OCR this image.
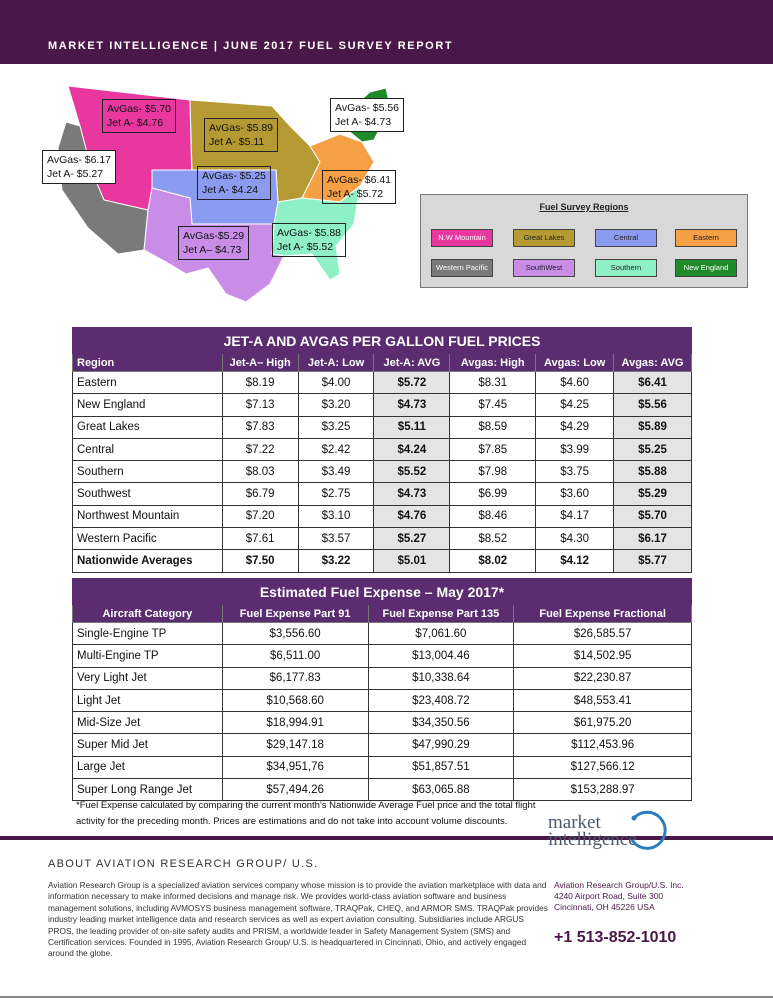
MARKET INTELLIGENCE | JUNE 2017 FUEL SURVEY REPORT
AvGas- $5.70
Jet A- $4.76	AvGas- $5.89
Jet A- $5.11
AvGas- $5.56
Jet A- $4.73
AvGas- $6.17
Jet A- $5.27	AvGas- $5.25
Jet A- $4.24
AvGas- $6.41
Jet A- $5.72
AvGas-$5.29
Jet A– $4.73
AvGas- $5.88
Jet A- $5.52
Fuel Survey Regions
N.W Mountain	Great Lakes	Central	Eastern
Western Pacific	SouthWest	Southern	New England
JET-A AND AVGAS PER GALLON FUEL PRICES						
Region	Jet-A– High	Jet-A: Low	Jet-A: AVG	Avgas: High	Avgas: Low	Avgas: AVG
Eastern	$8.19	$4.00	$5.72	$8.31	$4.60	$6.41
New England	$7.13	$3.20	$4.73	$7.45	$4.25	$5.56
Great Lakes	$7.83	$3.25	$5.11	$8.59	$4.29	$5.89
Central	$7.22	$2.42	$4.24	$7.85	$3.99	$5.25
Southern	$8.03	$3.49	$5.52	$7.98	$3.75	$5.88
Southwest	$6.79	$2.75	$4.73	$6.99	$3.60	$5.29
Northwest Mountain	$7.20	$3.10	$4.76	$8.46	$4.17	$5.70
Western Pacific	$7.61	$3.57	$5.27	$8.52	$4.30	$6.17
Nationwide Averages	$7.50	$3.22	$5.01	$8.02	$4.12	$5.77
Estimated Fuel Expense – May 2017*			
Aircraft Category	Fuel Expense Part 91	Fuel Expense Part 135	Fuel Expense Fractional
Single-Engine TP	$3,556.60	$7,061.60	$26,585.57
Multi-Engine TP	$6,511.00	$13,004.46	$14,502.95
Very Light Jet	$6,177.83	$10,338.64	$22,230.87
Light Jet	$10,568.60	$23,408.72	$48,553.41
Mid-Size Jet	$18,994.91	$34,350.56	$61,975.20
Super Mid Jet	$29,147.18	$47,990.29	$112,453.96
Large Jet	$34,951,76	$51,857.51	$127,566.12
Super Long Range Jet	$57,494.26	$63,065.88	$153,288.97
*Fuel Expense calculated by comparing the current month's Nationwide Average Fuel price and the total flight
activity for the preceding month. Prices are estimations and do not take into account volume discounts.	market
intelligence
ABOUT AVIATION RESEARCH GROUP/ U.S.
Aviation Research Group is a specialized aviation services company whose mission is to provide the aviation marketplace with data and information necessary to make informed decisions and manage risk. We provides world-class aviation software and business management solutions, including AVMOSYS business management software, TRAQPak, CHEQ, and ARMOR SMS. TRAQPak provides industry leading market intelligence data and research services as well as expert aviation consulting. Subsidiaries include ARGUS PROS, the leading provider of on-site safety audits and PRISM, a worldwide leader in Safety Management System (SMS) and Certification services. Founded in 1995, Aviation Research Group/ U.S. is headquartered in Cincinnati, Ohio, and actively engaged around the globe.
Aviation Research Group/U.S. Inc.
4240 Airport Road, Suite 300
Cincinnati, OH 45226 USA
+1 513-852-1010
